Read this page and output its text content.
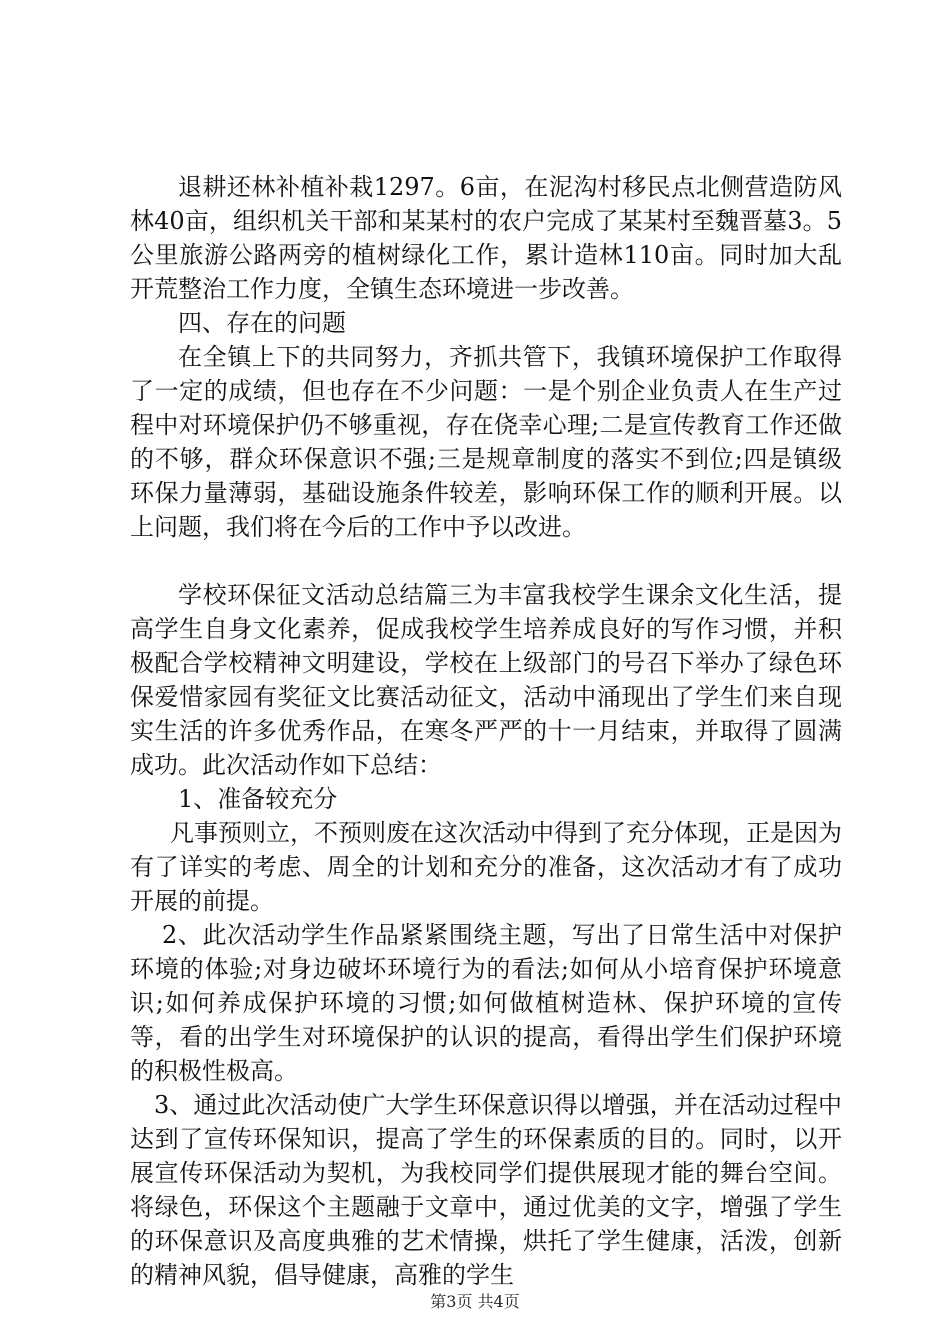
退耕还林补植补栽1297。6亩，在泥沟村移民点北侧营造防风林40亩，组织机关干部和某某村的农户完成了某某村至魏晋墓3。5公里旅游公路两旁的植树绿化工作，累计造林110亩。同时加大乱开荒整治工作力度，全镇生态环境进一步改善。

四、存在的问题

在全镇上下的共同努力，齐抓共管下，我镇环境保护工作取得了一定的成绩，但也存在不少问题：一是个别企业负责人在生产过程中对环境保护仍不够重视，存在侥幸心理;二是宣传教育工作还做的不够，群众环保意识不强;三是规章制度的落实不到位;四是镇级环保力量薄弱，基础设施条件较差，影响环保工作的顺利开展。以上问题，我们将在今后的工作中予以改进。

学校环保征文活动总结篇三为丰富我校学生课余文化生活，提高学生自身文化素养，促成我校学生培养成良好的写作习惯，并积极配合学校精神文明建设，学校在上级部门的号召下举办了绿色环保爱惜家园有奖征文比赛活动征文，活动中涌现出了学生们来自现实生活的许多优秀作品，在寒冬严严的十一月结束，并取得了圆满成功。此次活动作如下总结：

1、准备较充分

凡事预则立，不预则废在这次活动中得到了充分体现，正是因为有了详实的考虑、周全的计划和充分的准备，这次活动才有了成功开展的前提。

2、此次活动学生作品紧紧围绕主题，写出了日常生活中对保护环境的体验;对身边破坏环境行为的看法;如何从小培育保护环境意识;如何养成保护环境的习惯;如何做植树造林、保护环境的宣传等，看的出学生对环境保护的认识的提高，看得出学生们保护环境的积极性极高。

3、通过此次活动使广大学生环保意识得以增强，并在活动过程中达到了宣传环保知识，提高了学生的环保素质的目的。同时，以开展宣传环保活动为契机，为我校同学们提供展现才能的舞台空间。将绿色，环保这个主题融于文章中，通过优美的文字，增强了学生的环保意识及高度典雅的艺术情操，烘托了学生健康，活泼，创新的精神风貌，倡导健康，高雅的学生

第3页 共4页
